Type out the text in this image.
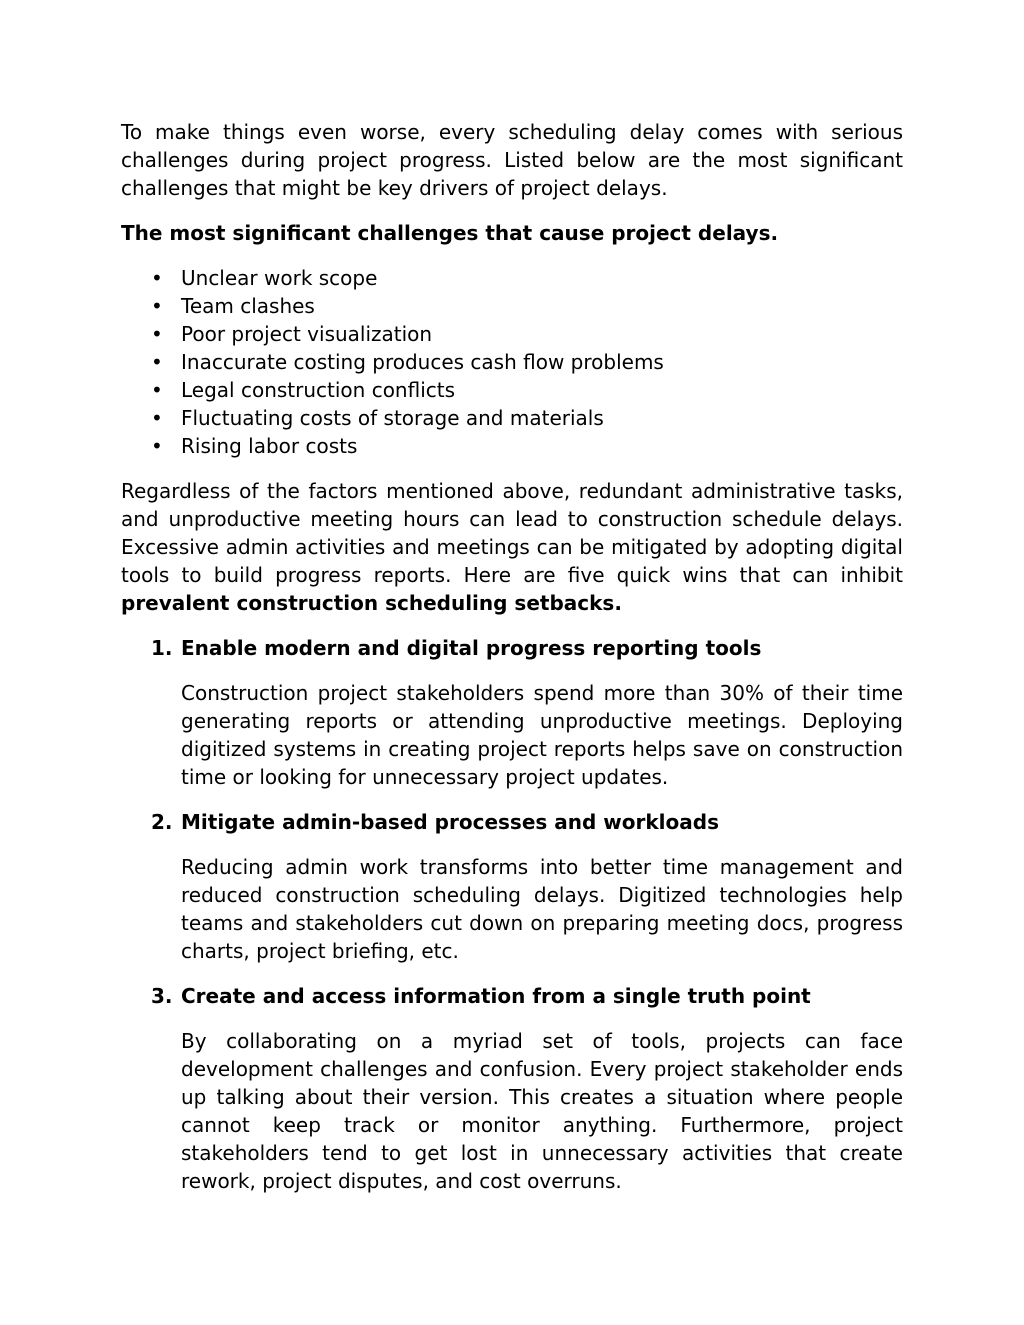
To make things even worse, every scheduling delay comes with serious challenges during project progress. Listed below are the most significant challenges that might be key drivers of project delays.

The most significant challenges that cause project delays.

• Unclear work scope
• Team clashes
• Poor project visualization
• Inaccurate costing produces cash flow problems
• Legal construction conflicts
• Fluctuating costs of storage and materials
• Rising labor costs

Regardless of the factors mentioned above, redundant administrative tasks, and unproductive meeting hours can lead to construction schedule delays. Excessive admin activities and meetings can be mitigated by adopting digital tools to build progress reports. Here are five quick wins that can inhibit prevalent construction scheduling setbacks.

1. Enable modern and digital progress reporting tools

Construction project stakeholders spend more than 30% of their time generating reports or attending unproductive meetings. Deploying digitized systems in creating project reports helps save on construction time or looking for unnecessary project updates.

2. Mitigate admin-based processes and workloads

Reducing admin work transforms into better time management and reduced construction scheduling delays. Digitized technologies help teams and stakeholders cut down on preparing meeting docs, progress charts, project briefing, etc.

3. Create and access information from a single truth point

By collaborating on a myriad set of tools, projects can face development challenges and confusion. Every project stakeholder ends up talking about their version. This creates a situation where people cannot keep track or monitor anything. Furthermore, project stakeholders tend to get lost in unnecessary activities that create rework, project disputes, and cost overruns.
